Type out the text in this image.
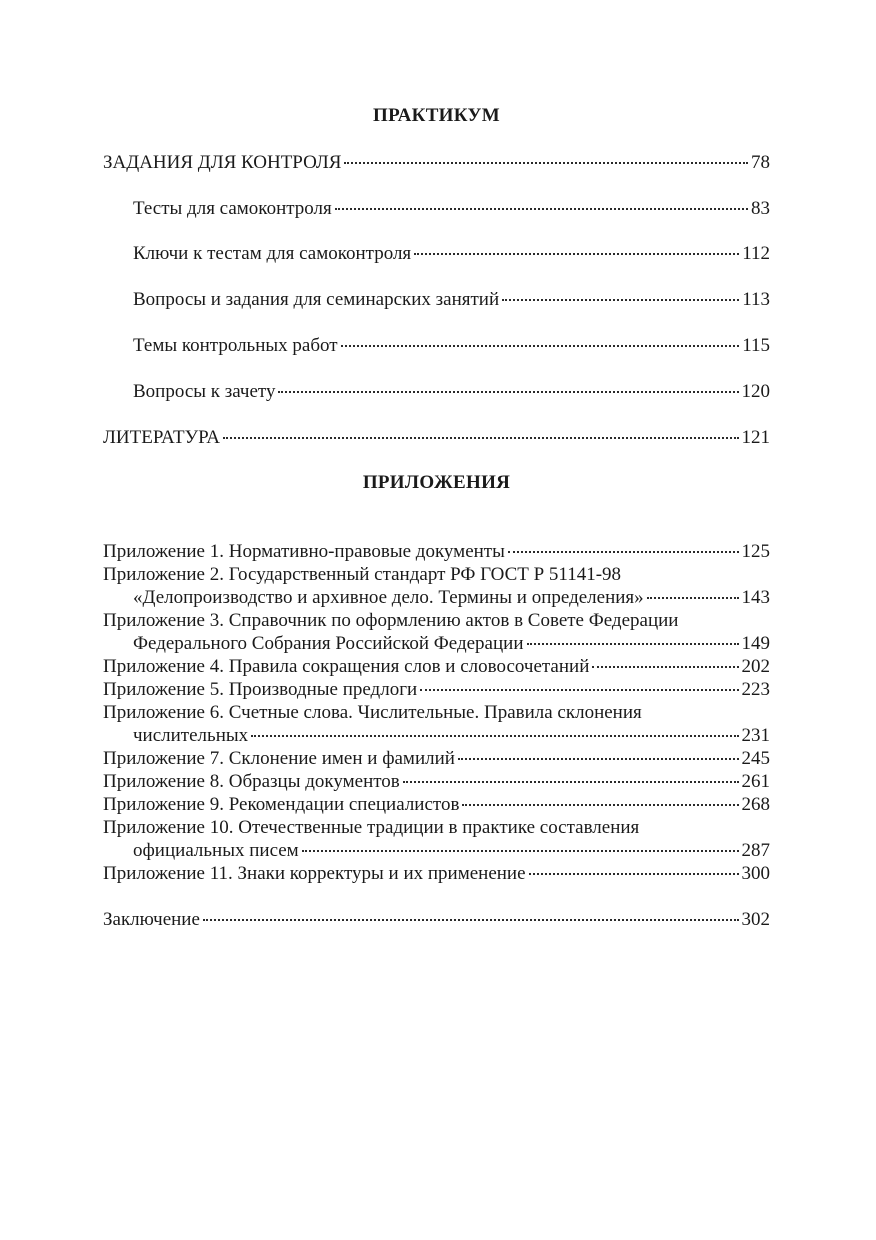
ПРАКТИКУМ
ЗАДАНИЯ ДЛЯ КОНТРОЛЯ	78
Тесты для самоконтроля	83
Ключи к тестам для самоконтроля	112
Вопросы и задания для семинарских занятий	113
Темы контрольных работ	115
Вопросы к зачету	120
ЛИТЕРАТУРА	121
ПРИЛОЖЕНИЯ
Приложение 1. Нормативно-правовые документы	125
Приложение 2. Государственный стандарт РФ ГОСТ Р 51141-98
«Делопроизводство и архивное дело. Термины и определения»	143
Приложение 3. Справочник по оформлению актов в Совете Федерации
Федерального Собрания Российской Федерации	149
Приложение 4. Правила сокращения слов и словосочетаний	202
Приложение 5. Производные предлоги	223
Приложение 6. Счетные слова. Числительные. Правила склонения
числительных	231
Приложение 7. Склонение имен и фамилий	245
Приложение 8. Образцы документов	261
Приложение 9. Рекомендации специалистов	268
Приложение 10. Отечественные традиции в практике составления
официальных писем	287
Приложение 11. Знаки корректуры и их применение	300
Заключение	302
